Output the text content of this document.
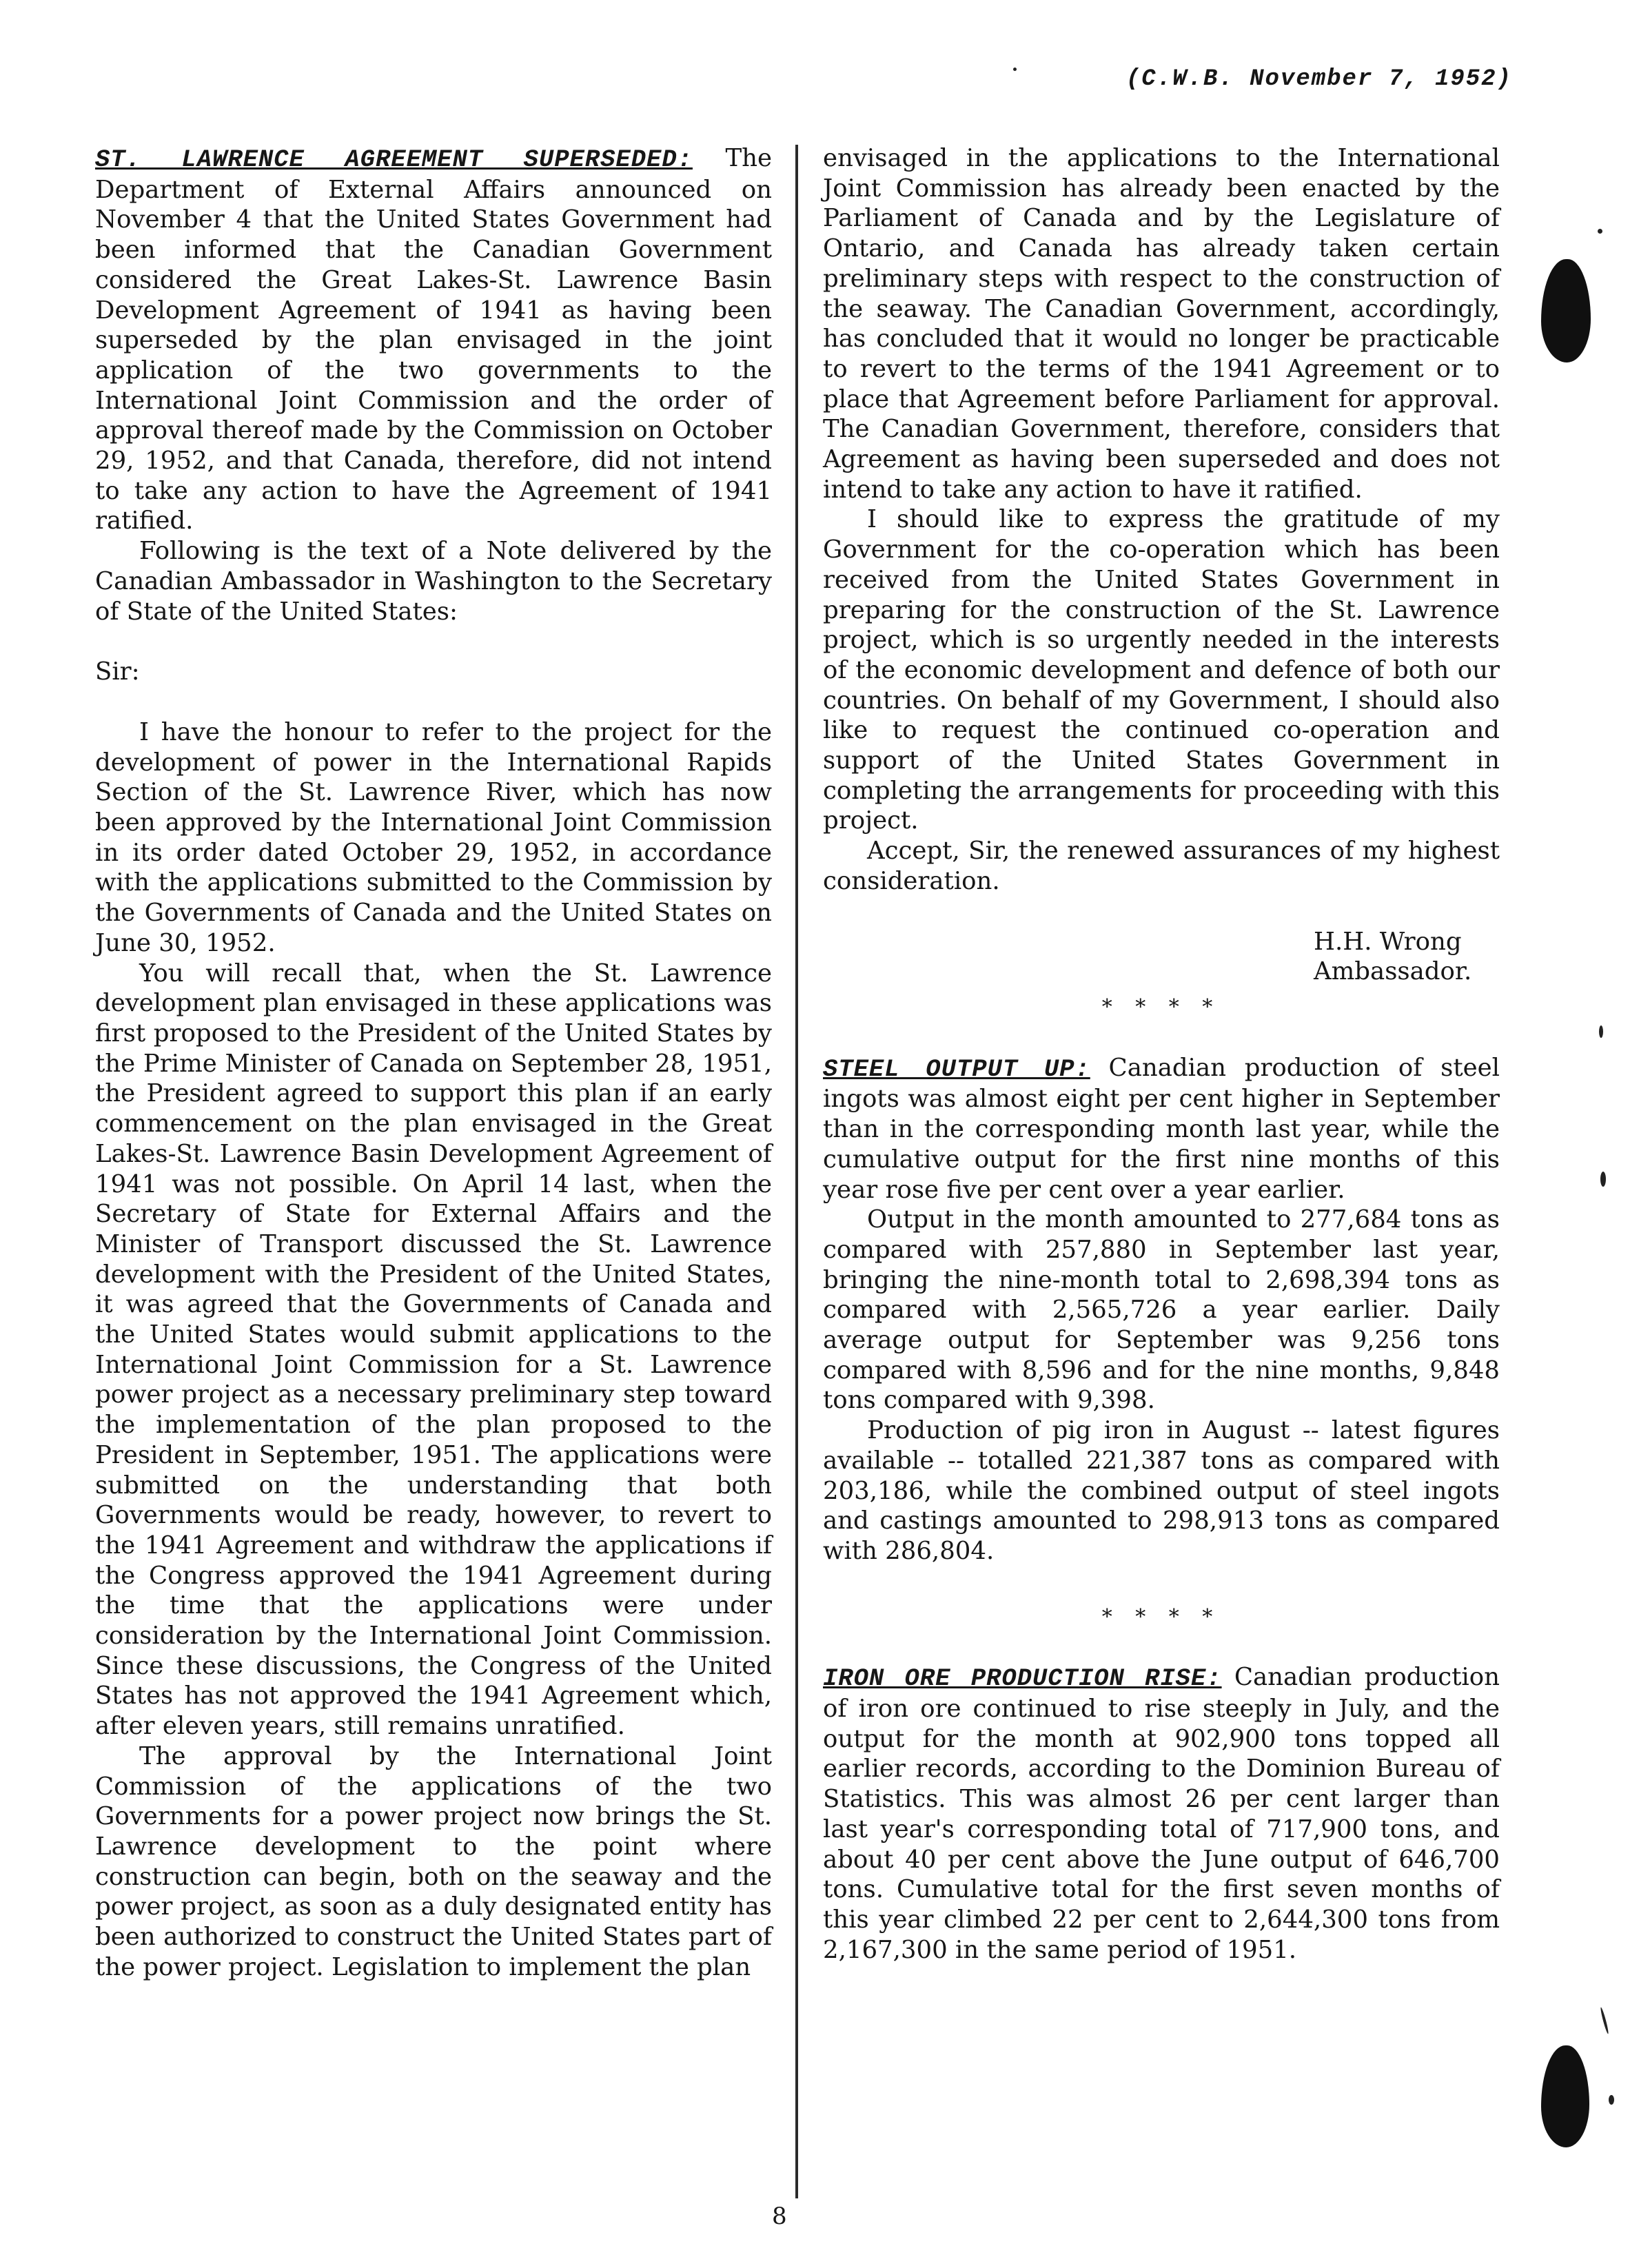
(C.W.B. November 7, 1952)

ST. LAWRENCE AGREEMENT SUPERSEDED: The Department of External Affairs announced on November 4 that the United States Government had been informed that the Canadian Government considered the Great Lakes-St. Lawrence Basin Development Agreement of 1941 as having been superseded by the plan envisaged in the joint application of the two governments to the International Joint Commission and the order of approval thereof made by the Commission on October 29, 1952, and that Canada, therefore, did not intend to take any action to have the Agreement of 1941 ratified.

Following is the text of a Note delivered by the Canadian Ambassador in Washington to the Secretary of State of the United States:

Sir:

I have the honour to refer to the project for the development of power in the International Rapids Section of the St. Lawrence River, which has now been approved by the International Joint Commission in its order dated October 29, 1952, in accordance with the applications submitted to the Commission by the Governments of Canada and the United States on June 30, 1952.

You will recall that, when the St. Lawrence development plan envisaged in these applications was first proposed to the President of the United States by the Prime Minister of Canada on September 28, 1951, the President agreed to support this plan if an early commencement on the plan envisaged in the Great Lakes-St. Lawrence Basin Development Agreement of 1941 was not possible. On April 14 last, when the Secretary of State for External Affairs and the Minister of Transport discussed the St. Lawrence development with the President of the United States, it was agreed that the Governments of Canada and the United States would submit applications to the International Joint Commission for a St. Lawrence power project as a necessary preliminary step toward the implementation of the plan proposed to the President in September, 1951. The applications were submitted on the understanding that both Governments would be ready, however, to revert to the 1941 Agreement and withdraw the applications if the Congress approved the 1941 Agreement during the time that the applications were under consideration by the International Joint Commission. Since these discussions, the Congress of the United States has not approved the 1941 Agreement which, after eleven years, still remains unratified.

The approval by the International Joint Commission of the applications of the two Governments for a power project now brings the St. Lawrence development to the point where construction can begin, both on the seaway and the power project, as soon as a duly designated entity has been authorized to construct the United States part of the power project. Legislation to implement the plan

envisaged in the applications to the International Joint Commission has already been enacted by the Parliament of Canada and by the Legislature of Ontario, and Canada has already taken certain preliminary steps with respect to the construction of the seaway. The Canadian Government, accordingly, has concluded that it would no longer be practicable to revert to the terms of the 1941 Agreement or to place that Agreement before Parliament for approval. The Canadian Government, therefore, considers that Agreement as having been superseded and does not intend to take any action to have it ratified.

I should like to express the gratitude of my Government for the co-operation which has been received from the United States Government in preparing for the construction of the St. Lawrence project, which is so urgently needed in the interests of the economic development and defence of both our countries. On behalf of my Government, I should also like to request the continued co-operation and support of the United States Government in completing the arrangements for proceeding with this project.

Accept, Sir, the renewed assurances of my highest consideration.

H.H. Wrong
Ambassador.
* * * *

STEEL OUTPUT UP: Canadian production of steel ingots was almost eight per cent higher in September than in the corresponding month last year, while the cumulative output for the first nine months of this year rose five per cent over a year earlier.

Output in the month amounted to 277,684 tons as compared with 257,880 in September last year, bringing the nine-month total to 2,698,394 tons as compared with 2,565,726 a year earlier. Daily average output for September was 9,256 tons compared with 8,596 and for the nine months, 9,848 tons compared with 9,398.

Production of pig iron in August -- latest figures available -- totalled 221,387 tons as compared with 203,186, while the combined output of steel ingots and castings amounted to 298,913 tons as compared with 286,804.

* * * *

IRON ORE PRODUCTION RISE: Canadian production of iron ore continued to rise steeply in July, and the output for the month at 902,900 tons topped all earlier records, according to the Dominion Bureau of Statistics. This was almost 26 per cent larger than last year's corresponding total of 717,900 tons, and about 40 per cent above the June output of 646,700 tons. Cumulative total for the first seven months of this year climbed 22 per cent to 2,644,300 tons from 2,167,300 in the same period of 1951.

8
